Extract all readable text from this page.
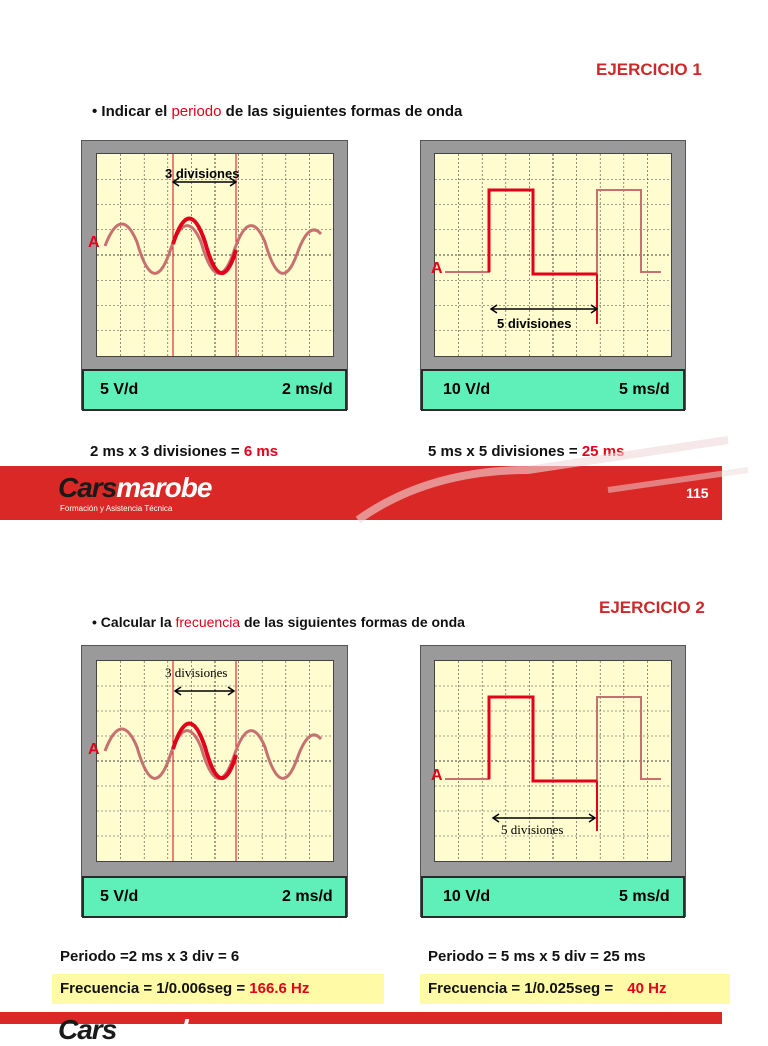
EJERCICIO 1
• Indicar el periodo de las siguientes formas de onda
3 divisiones
A
5 V/d	2 ms/d
5 divisiones
A
10 V/d	5 ms/d
2 ms x 3 divisiones = 6 ms	5 ms x 5 divisiones = 25 ms
Carsmarobe
Formación y Asistencia Técnica
115
EJERCICIO 2
• Calcular la frecuencia de las siguientes formas de onda
3 divisiones
A
5 V/d	2 ms/d
5 divisiones
A
10 V/d	5 ms/d
Periodo =2 ms x 3 div = 6	Periodo = 5 ms x 5 div = 25 ms
Frecuencia = 1/0.006seg = 166.6 Hz	Frecuencia = 1/0.025seg = 40 Hz
Carsmarobe
